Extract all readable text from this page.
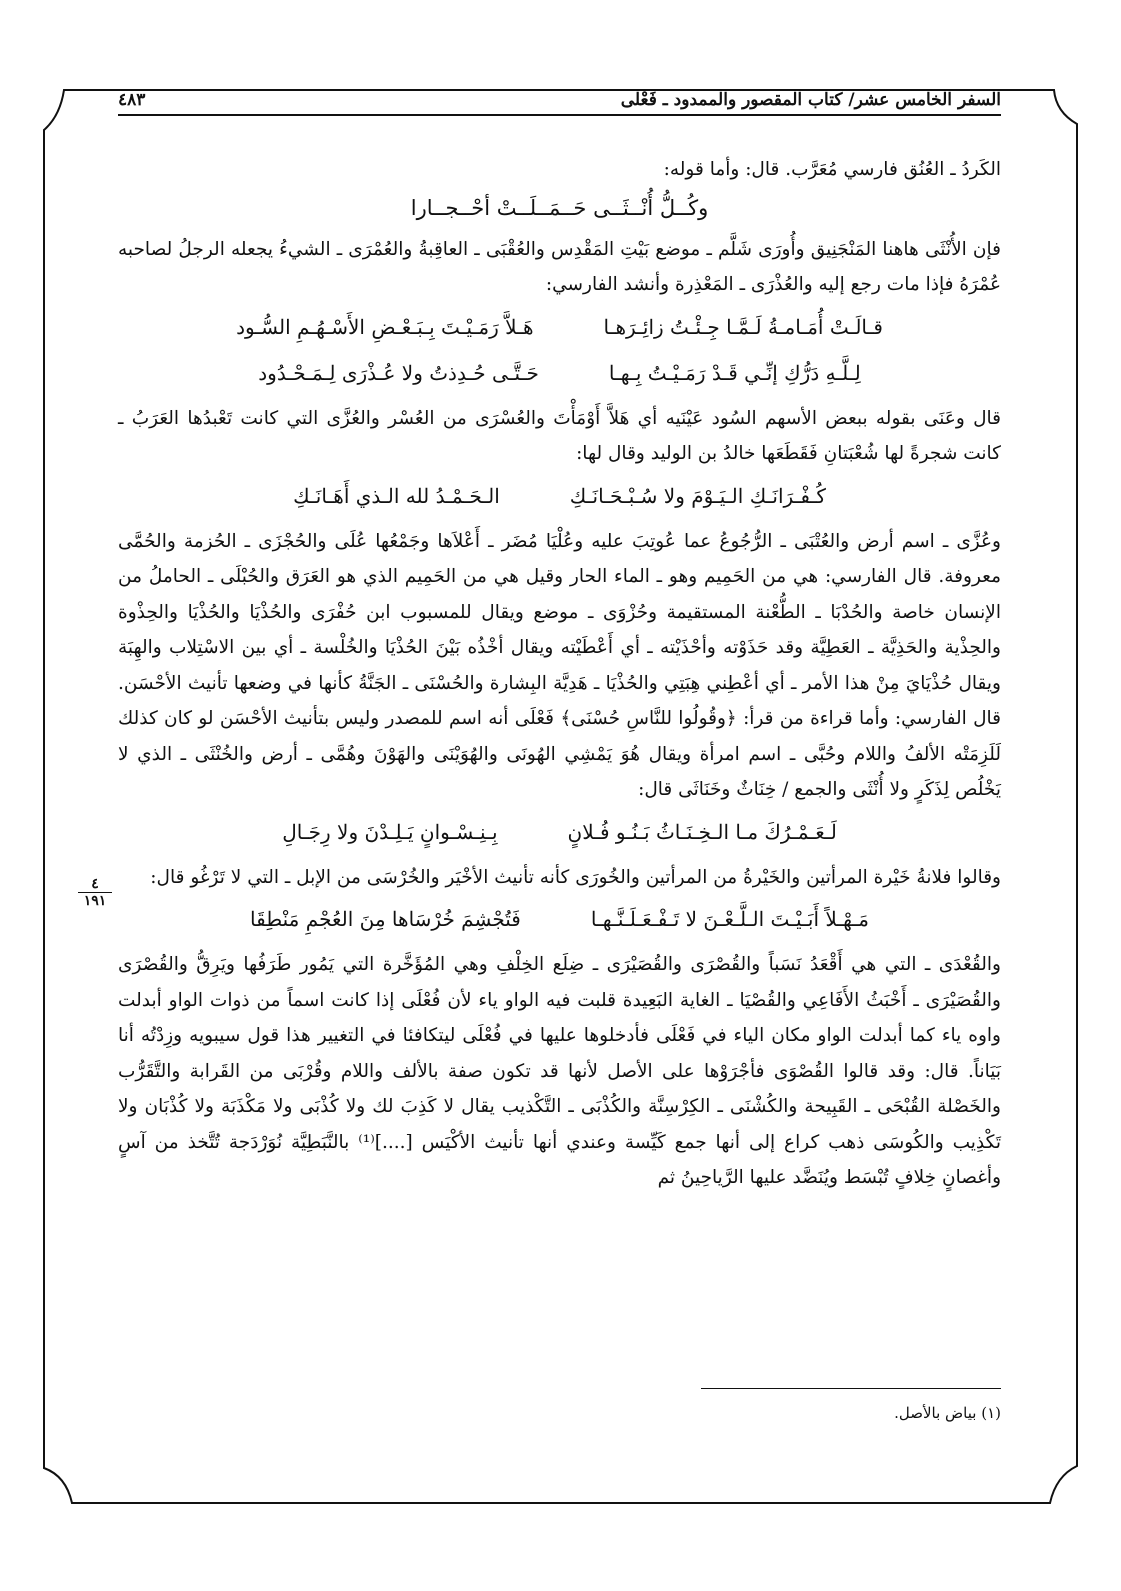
السفر الخامس عشر/ كتاب المقصور والممدود ـ فَعْلى
٤٨٣

الكَردُ ـ العُنُق فارسي مُعَرَّب. قال: وأما قوله:

وكُــلُّ أُنْــثَــى حَــمَــلَــتْ أحْــجــارا

فإن الأُنْثَى هاهنا المَنْجَنِيق وأُورَى شَلَّم ـ موضع بَيْتِ المَقْدِس والعُقْبَى ـ العاقِبةُ والعُمْرَى ـ الشيءُ يجعله الرجلُ لصاحبه عُمْرَهُ فإذا مات رجع إليه والعُذْرَى ـ المَعْذِرة وأنشد الفارسي:

قـالَـتْ أُمَـامـةُ لَـمَّـا جِـئْـتُ زائِـرَهـا
هَـلاَّ رَمَـيْـتَ بِـبَـعْـضِ الأَسْـهُـمِ السُّـود
لِـلَّـهِ دَرُّكِ إنِّـي قَـدْ رَمَـيْـتُ بِـهـا
حَـتَّـى حُـدِذتُ ولا عُـذْرَى لِـمَـحْـدُود

قال وعَنَى بقوله ببعض الأسهم السُود عَيْنَيه أي هَلاَّ أَوْمَأْتَ والعُسْرَى من العُسْر والعُزَّى التي كانت تَعْبدُها العَرَبُ ـ كانت شجرةً لها شُعْبَتانِ فَقَطَعَها خالدُ بن الوليد وقال لها:

كُـفْـرَانَـكِ الـيَـوْمَ ولا سُـبْـحَـانَـكِ
الـحَـمْـدُ لله الـذي أَهَـانَـكِ

وعُزَّى ـ اسم أرض والعُتْبَى ـ الرُّجُوعُ عما عُوتِبَ عليه وعُلْيَا مُضَر ـ أَعْلاَها وجَمْعُها عُلَى والحُجْزَى ـ الحُزمة والحُمَّى معروفة. قال الفارسي: هي من الحَمِيم وهو ـ الماء الحار وقيل هي من الحَمِيم الذي هو العَرَق والحُبْلَى ـ الحاملُ من الإنسان خاصة والحُدْبَا ـ الطُّعْنة المستقيمة وحُزْوَى ـ موضع ويقال للمسبوب ابن حُفْرَى والحُذْيَا والحُذْيَا والحِذْوة والحِذْية والحَذِيَّة ـ العَطِيَّة وقد حَذَوْته وأحْذَيْته ـ أي أَعْطَيْته ويقال أخْذُه بَيْنَ الحُذْيَا والخُلْسة ـ أي بين الاسْتِلاب والهِبَة ويقال حُذْيَايَ مِنْ هذا الأمر ـ أي أعْطِني هِبَتِي والحُذْيَا ـ هَدِيَّة البِشارة والحُسْنَى ـ الجَنَّةُ كأنها في وضعها تأنيث الأحْسَن. قال الفارسي: وأما قراءة من قرأ: ﴿وقُولُوا للنَّاسِ حُسْنَى﴾ فَعْلَى أنه اسم للمصدر وليس بتأنيث الأحْسَن لو كان كذلك لَلَزِمَتْه الألفُ واللام وحُبَّى ـ اسم امرأة ويقال هُوَ يَمْشِي الهُونَى والهُوَيْنَى والهَوْنَ وهُمَّى ـ أرض والخُنْثَى ـ الذي لا يَخْلُص لِذَكَرٍ ولا أُنْثَى والجمع / خِنَاثٌ وخَنَاثَى قال:

لَـعَـمْـرُكَ مـا الـخِـنَـاثُ بَـنُـو فُـلانٍ
بِـنِـسْـوانٍ يَـلِـدْنَ ولا رِجَـالِ

وقالوا فلانةُ خَيْرة المرأتين والخَيْرةُ من المرأتين والخُورَى كأنه تأنيث الأخْيَر والخُرْسَى من الإبل ـ التي لا تَرْغُو قال:

مَـهْـلاً أَبَـيْـتَ الـلَّـعْـنَ لا تَـفْـعَـلَـنَّـهـا
فَتُجْشِمَ خُرْسَاها مِنَ العُجْمِ مَنْطِقَا

والقُعْدَى ـ التي هي أَقْعَدُ نَسَباً والقُصْرَى والقُصَيْرَى ـ ضِلَع الخِلْفِ وهي المُؤَخَّرة التي يَمُور طَرَفُها ويَرِقُّ والقُصْرَى والقُصَيْرَى ـ أَخْبَثُ الأَفَاعِي والقُصْيَا ـ الغاية البَعِيدة قلبت فيه الواو ياء لأن فُعْلَى إذا كانت اسماً من ذوات الواو أبدلت واوه ياء كما أبدلت الواو مكان الياء في فَعْلَى فأدخلوها عليها في فُعْلَى ليتكافئا في التغيير هذا قول سيبويه وزِدْتُه أنا بَيَاناً. قال: وقد قالوا القُصْوَى فأجْرَوْها على الأصل لأنها قد تكون صفة بالألف واللام وقُرْبَى من القَرابة والتَّقَرُّب والخَصْلة القُبْحَى ـ القَبِيحة والكُشْنَى ـ الكِرْسِنَّة والكُذْبَى ـ التَّكْذيب يقال لا كَذِبَ لك ولا كُذْبَى ولا مَكْذَبَة ولا كُذْبَان ولا تَكْذِيب والكُوسَى ذهب كراع إلى أنها جمع كَيِّسة وعندي أنها تأنيث الأكْيَس [....]⁽¹⁾ بالنَّبَطِيَّة نُوَرْدَجة تُتَّخذ من آسٍ وأغصانٍ خِلافٍ تُبْسَط ويُنَضَّد عليها الرَّياحِينُ ثم

(١) بياض بالأصل.
٤
١٩١
